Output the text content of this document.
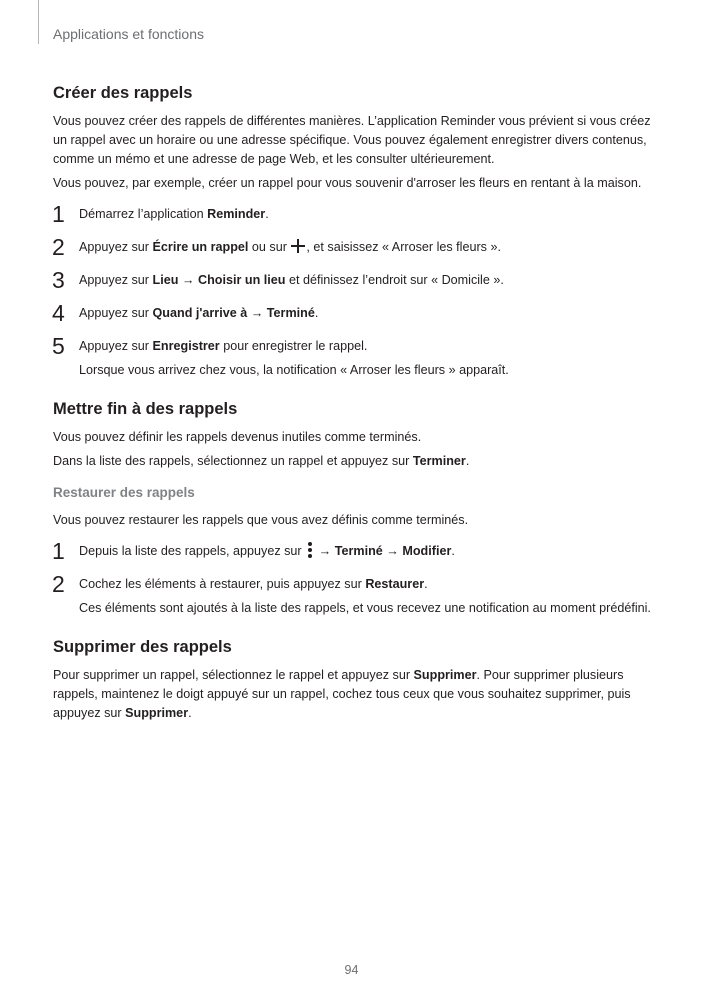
Applications et fonctions
Créer des rappels

Vous pouvez créer des rappels de différentes manières. L’application Reminder vous prévient si vous créez un rappel avec un horaire ou une adresse spécifique. Vous pouvez également enregistrer divers contenus, comme un mémo et une adresse de page Web, et les consulter ultérieurement.

Vous pouvez, par exemple, créer un rappel pour vous souvenir d'arroser les fleurs en rentant à la maison.

1 Démarrez l’application Reminder.

2 Appuyez sur Écrire un rappel ou sur , et saisissez « Arroser les fleurs ».

3 Appuyez sur Lieu → Choisir un lieu et définissez l’endroit sur « Domicile ».

4 Appuyez sur Quand j'arrive à → Terminé.

5 Appuyez sur Enregistrer pour enregistrer le rappel.

Lorsque vous arrivez chez vous, la notification « Arroser les fleurs » apparaît.

Mettre fin à des rappels

Vous pouvez définir les rappels devenus inutiles comme terminés.

Dans la liste des rappels, sélectionnez un rappel et appuyez sur Terminer.

Restaurer des rappels

Vous pouvez restaurer les rappels que vous avez définis comme terminés.

1 Depuis la liste des rappels, appuyez sur
→ Terminé → Modifier.

2 Cochez les éléments à restaurer, puis appuyez sur Restaurer.

Ces éléments sont ajoutés à la liste des rappels, et vous recevez une notification au moment prédéfini.

Supprimer des rappels

Pour supprimer un rappel, sélectionnez le rappel et appuyez sur Supprimer. Pour supprimer plusieurs rappels, maintenez le doigt appuyé sur un rappel, cochez tous ceux que vous souhaitez supprimer, puis appuyez sur Supprimer.

94
